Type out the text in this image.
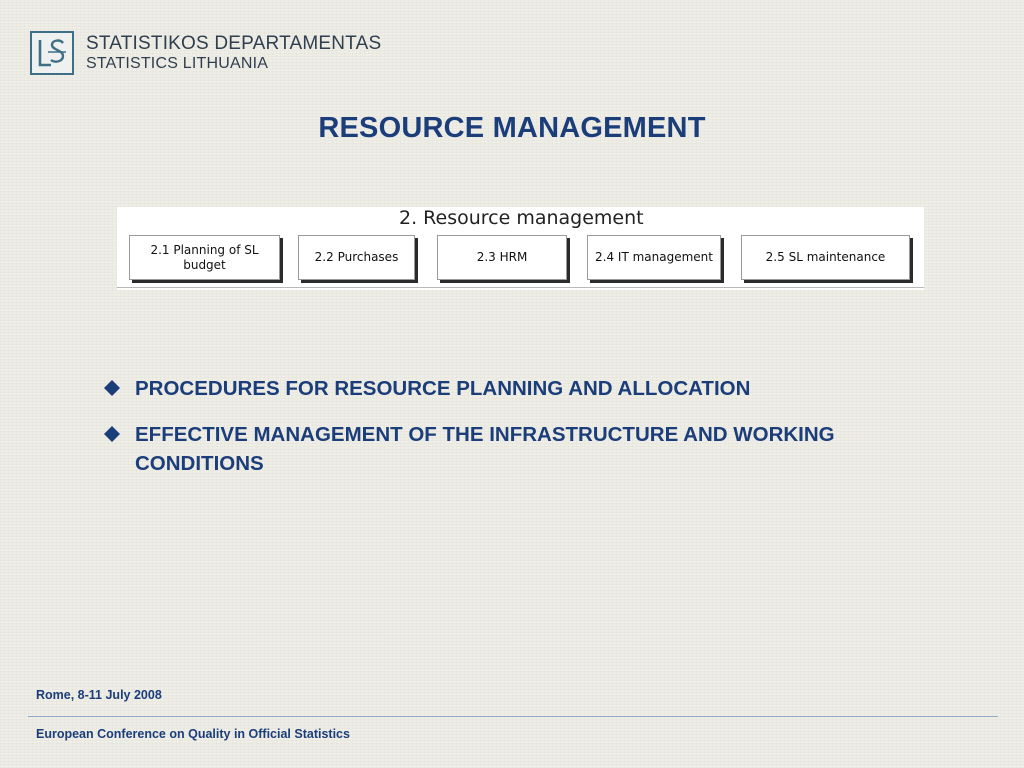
STATISTIKOS DEPARTAMENTAS
STATISTICS LITHUANIA
RESOURCE MANAGEMENT
2. Resource management
2.1 Planning of SL budget
2.2 Purchases	2.3 HRM	2.4 IT management	2.5 SL maintenance
PROCEDURES FOR RESOURCE PLANNING AND ALLOCATION
EFFECTIVE MANAGEMENT OF THE INFRASTRUCTURE AND WORKING CONDITIONS
Rome, 8-11 July 2008
European Conference on Quality in Official Statistics
